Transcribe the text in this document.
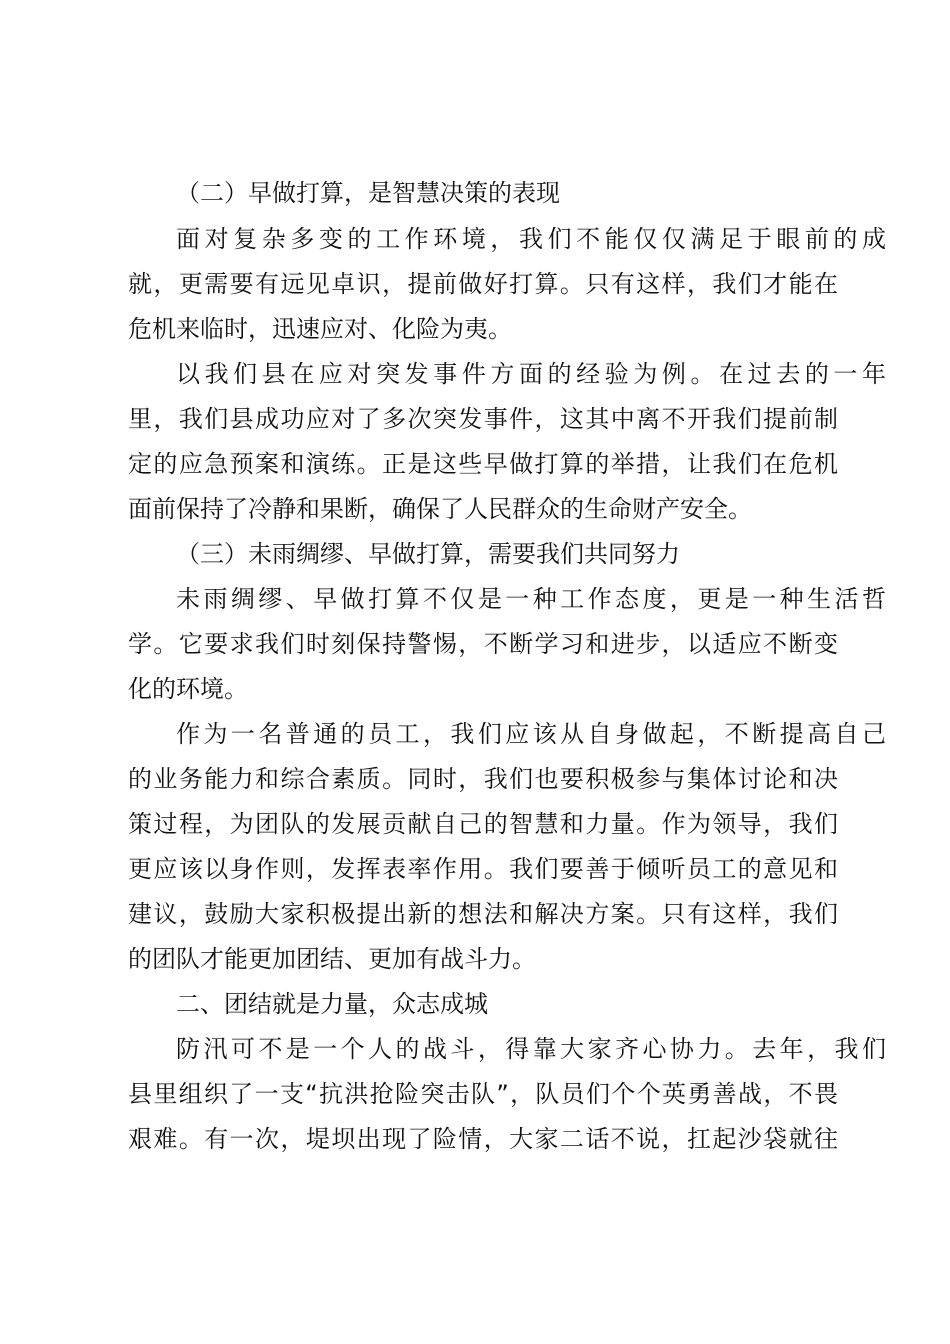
（二）早做打算，是智慧决策的表现
面对复杂多变的工作环境，我们不能仅仅满足于眼前的成
就，更需要有远见卓识，提前做好打算。只有这样，我们才能在
危机来临时，迅速应对、化险为夷。
以我们县在应对突发事件方面的经验为例。在过去的一年
里，我们县成功应对了多次突发事件，这其中离不开我们提前制
定的应急预案和演练。正是这些早做打算的举措，让我们在危机
面前保持了冷静和果断，确保了人民群众的生命财产安全。
（三）未雨绸缪、早做打算，需要我们共同努力
未雨绸缪、早做打算不仅是一种工作态度，更是一种生活哲
学。它要求我们时刻保持警惕，不断学习和进步，以适应不断变
化的环境。
作为一名普通的员工，我们应该从自身做起，不断提高自己
的业务能力和综合素质。同时，我们也要积极参与集体讨论和决
策过程，为团队的发展贡献自己的智慧和力量。作为领导，我们
更应该以身作则，发挥表率作用。我们要善于倾听员工的意见和
建议，鼓励大家积极提出新的想法和解决方案。只有这样，我们
的团队才能更加团结、更加有战斗力。
二、团结就是力量，众志成城
防汛可不是一个人的战斗，得靠大家齐心协力。去年，我们
县里组织了一支“抗洪抢险突击队”，队员们个个英勇善战，不畏
艰难。有一次，堤坝出现了险情，大家二话不说，扛起沙袋就往
